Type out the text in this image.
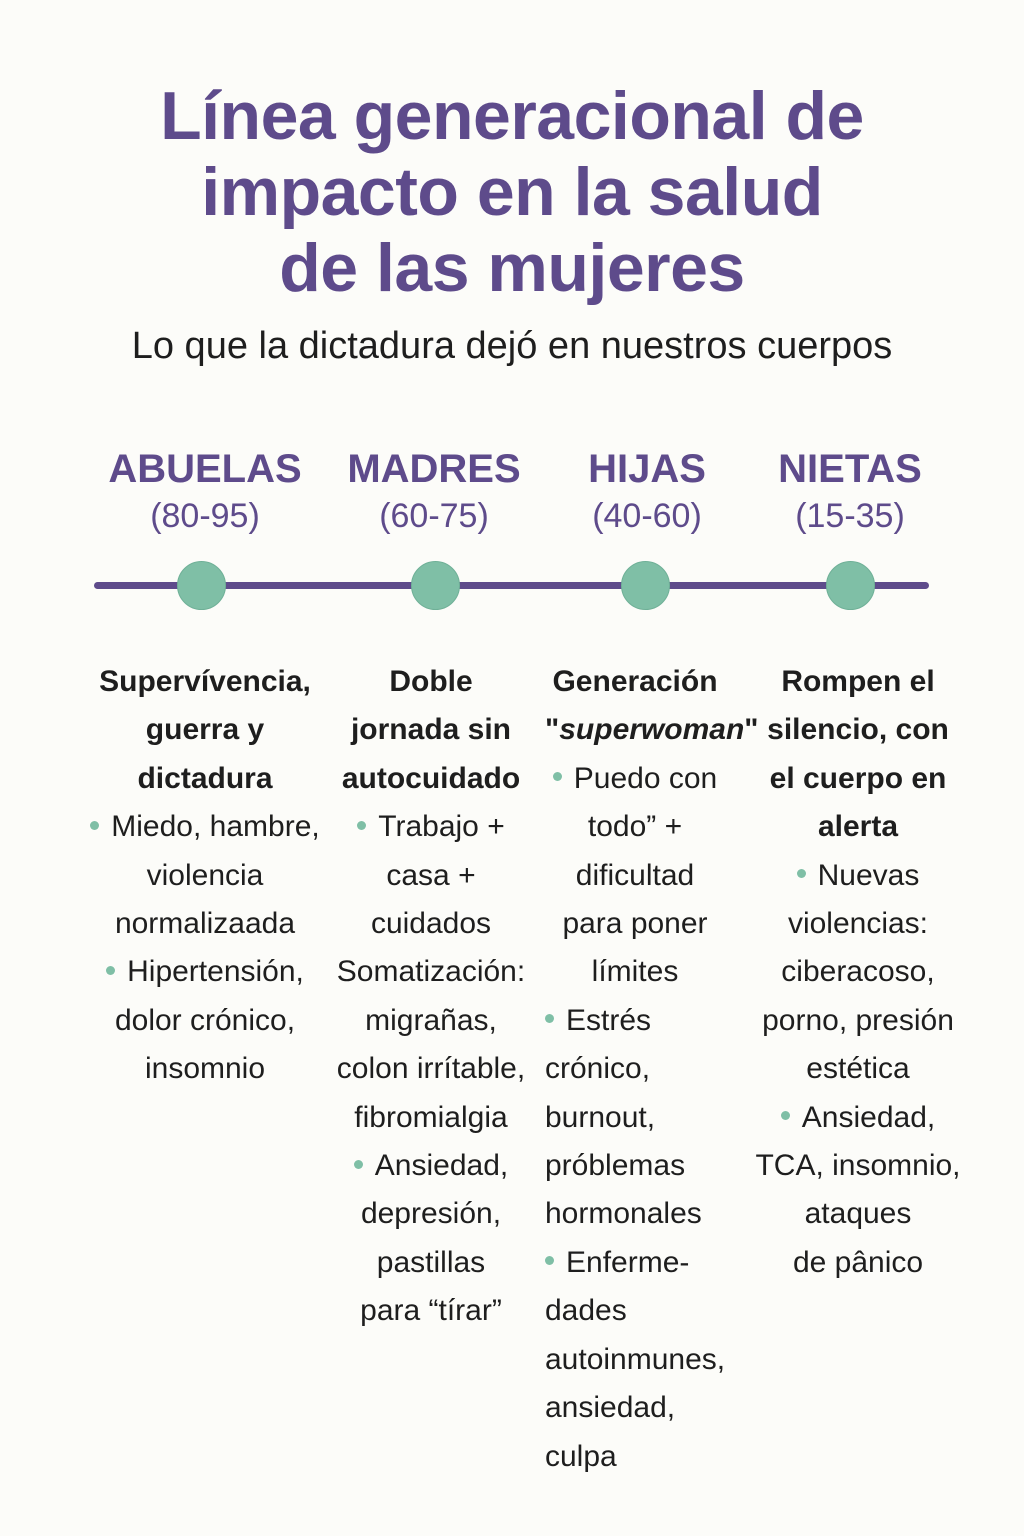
Línea generacional de
impacto en la salud
de las mujeres

Lo que la dictadura dejó en nuestros cuerpos

ABUELAS
(80-95)
MADRES
(60-75)
HIJAS
(40-60)
NIETAS
(15-35)
Supervívencia,
guerra y
dictadura
Miedo, hambre,
violencia
normalizaada
Hipertensión,
dolor crónico,
insomnio
Doble
jornada sin
autocuidado
Trabajo +
casa +
cuidados
Somatización:
migrañas,
colon irrítable,
fibromialgia
Ansiedad,
depresión,
pastillas
para “tírar”
Generación
"superwoman"
Puedo con
todo” +
dificultad
para poner
límites
Estrés
crónico,
burnout,
próblemas
hormonales
Enferme-
dades
autoinmunes,
ansiedad,
culpa
Rompen el
silencio, con
el cuerpo en
alerta
Nuevas
violencias:
ciberacoso,
porno, presión
estética
Ansiedad,
TCA, insomnio,
ataques
de pânico
